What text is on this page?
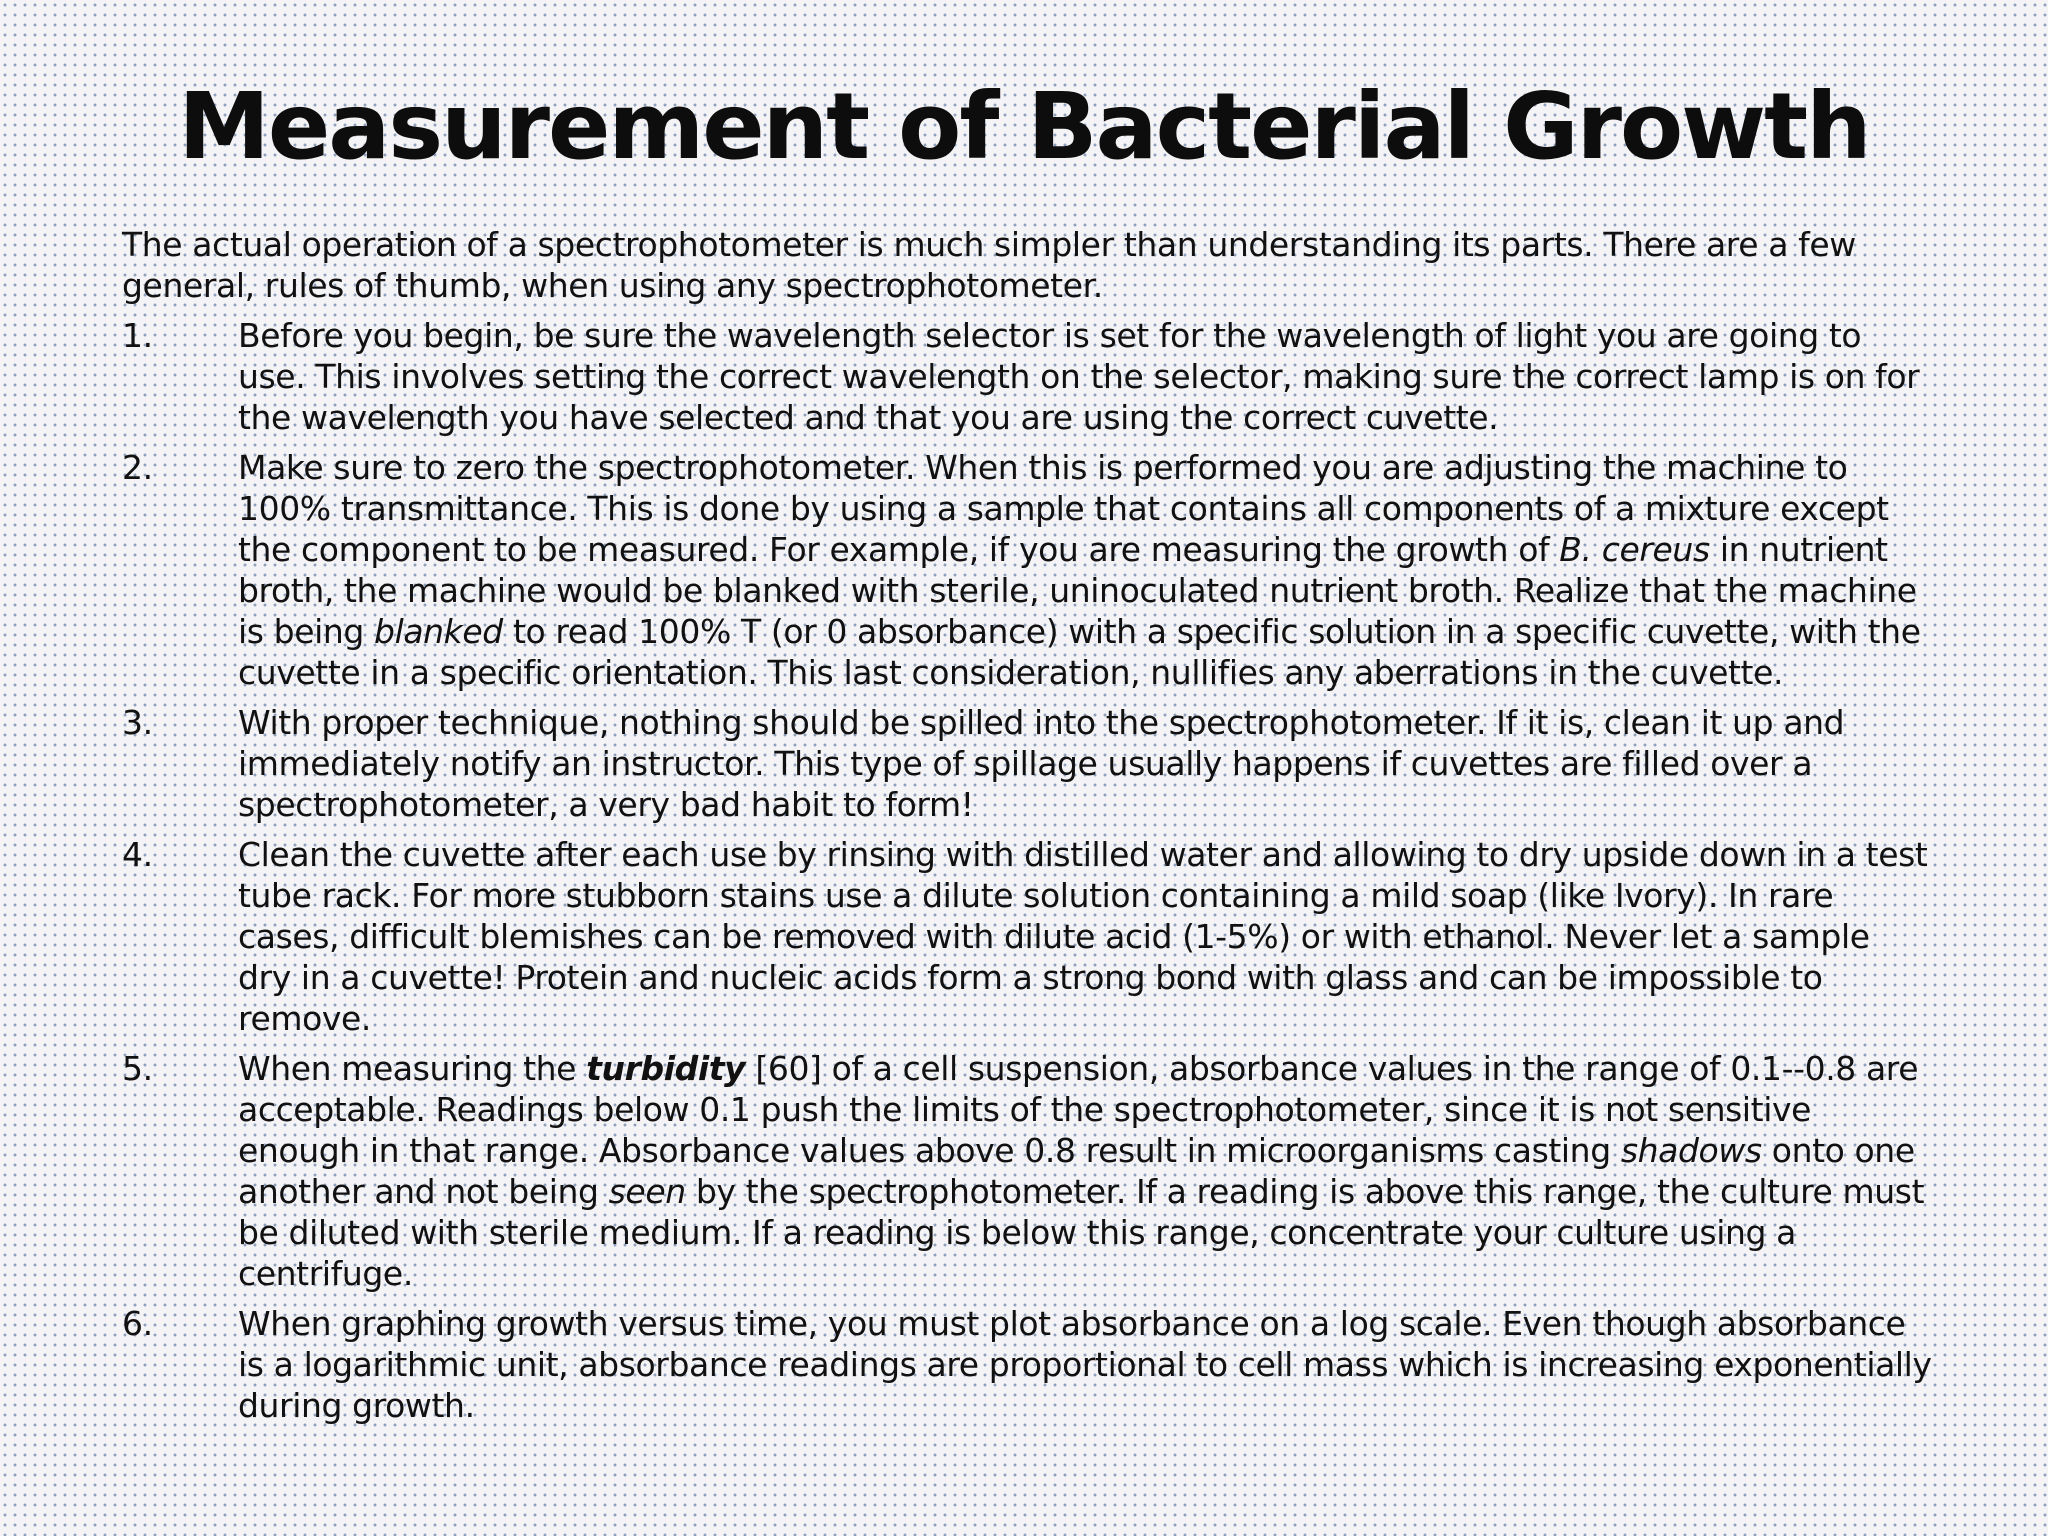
Measurement of Bacterial Growth

The actual operation of a spectrophotometer is much simpler than understanding its parts. There are a few general, rules of thumb, when using any spectrophotometer.

1.	Before you begin, be sure the wavelength selector is set for the wavelength of light you are going to use. This involves setting the correct wavelength on the selector, making sure the correct lamp is on for the wavelength you have selected and that you are using the correct cuvette.
2.	Make sure to zero the spectrophotometer. When this is performed you are adjusting the machine to 100% transmittance. This is done by using a sample that contains all components of a mixture except the component to be measured. For example, if you are measuring the growth of B. cereus in nutrient broth, the machine would be blanked with sterile, uninoculated nutrient broth. Realize that the machine is being blanked to read 100% T (or 0 absorbance) with a specific solution in a specific cuvette, with the cuvette in a specific orientation. This last consideration, nullifies any aberrations in the cuvette.
3.	With proper technique, nothing should be spilled into the spectrophotometer. If it is, clean it up and immediately notify an instructor. This type of spillage usually happens if cuvettes are filled over a spectrophotometer, a very bad habit to form!
4.	Clean the cuvette after each use by rinsing with distilled water and allowing to dry upside down in a test tube rack. For more stubborn stains use a dilute solution containing a mild soap (like Ivory). In rare cases, difficult blemishes can be removed with dilute acid (1-5%) or with ethanol. Never let a sample dry in a cuvette! Protein and nucleic acids form a strong bond with glass and can be impossible to remove.
5.	When measuring the turbidity [60] of a cell suspension, absorbance values in the range of 0.1--0.8 are acceptable. Readings below 0.1 push the limits of the spectrophotometer, since it is not sensitive enough in that range. Absorbance values above 0.8 result in microorganisms casting shadows onto one another and not being seen by the spectrophotometer. If a reading is above this range, the culture must be diluted with sterile medium. If a reading is below this range, concentrate your culture using a centrifuge.
6.	When graphing growth versus time, you must plot absorbance on a log scale. Even though absorbance is a logarithmic unit, absorbance readings are proportional to cell mass which is increasing exponentially during growth.
